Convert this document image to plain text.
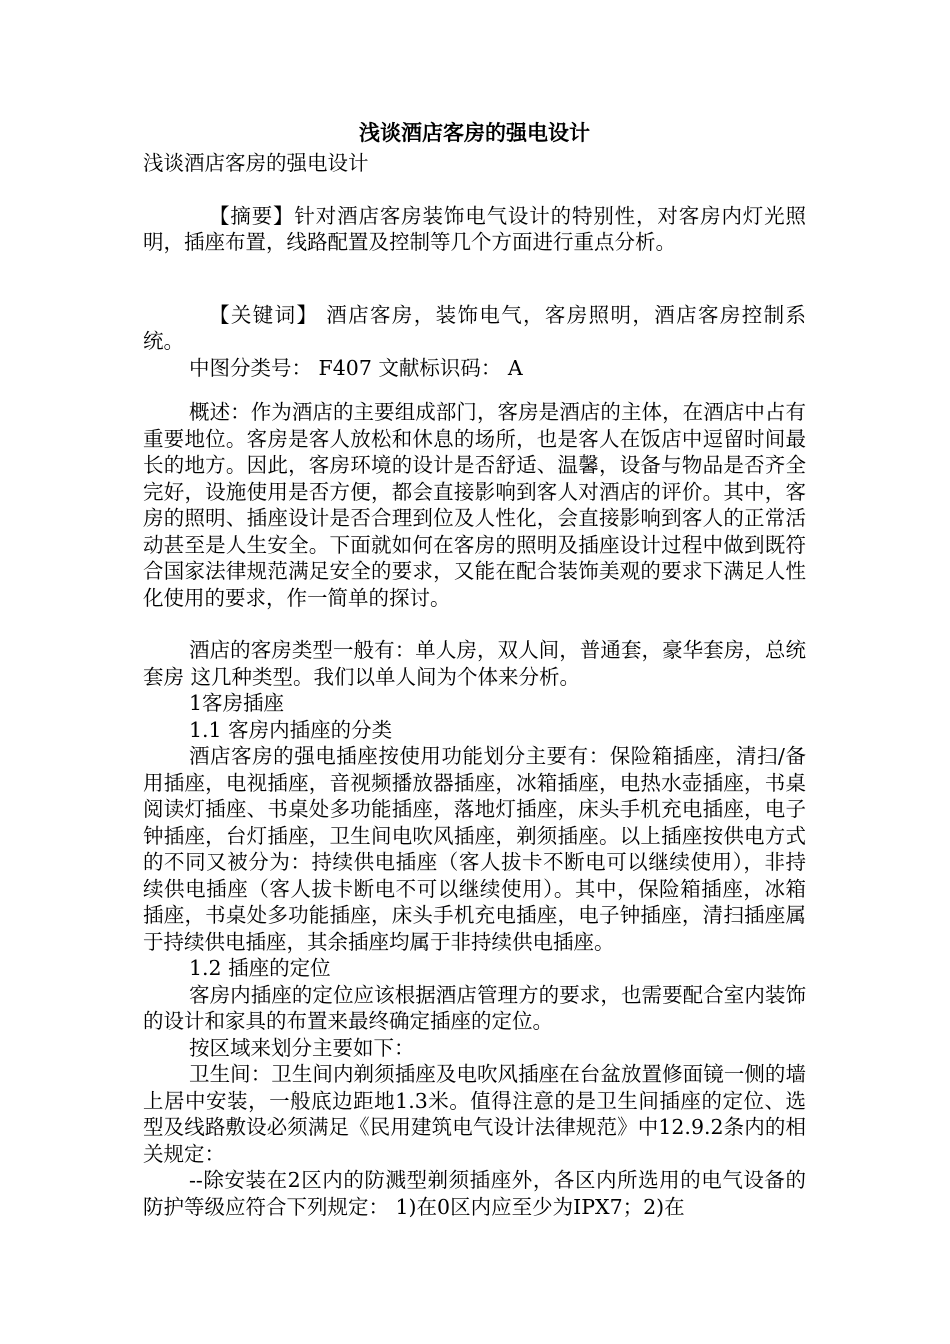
浅谈酒店客房的强电设计

浅谈酒店客房的强电设计

【摘要】针对酒店客房装饰电气设计的特别性，对客房内灯光照明，插座布置，线路配置及控制等几个方面进行重点分析。

【关键词】 酒店客房，装饰电气，客房照明，酒店客房控制系统。

中图分类号： F407 文献标识码： A

概述：作为酒店的主要组成部门，客房是酒店的主体，在酒店中占有重要地位。客房是客人放松和休息的场所，也是客人在饭店中逗留时间最长的地方。因此，客房环境的设计是否舒适、温馨，设备与物品是否齐全完好，设施使用是否方便，都会直接影响到客人对酒店的评价。其中，客房的照明、插座设计是否合理到位及人性化，会直接影响到客人的正常活动甚至是人生安全。下面就如何在客房的照明及插座设计过程中做到既符合国家法律规范满足安全的要求，又能在配合装饰美观的要求下满足人性化使用的要求，作一简单的探讨。

酒店的客房类型一般有：单人房，双人间，普通套，豪华套房，总统套房 这几种类型。我们以单人间为个体来分析。

1客房插座

1.1 客房内插座的分类

酒店客房的强电插座按使用功能划分主要有：保险箱插座，清扫/备用插座，电视插座，音视频播放器插座，冰箱插座，电热水壶插座，书桌阅读灯插座、书桌处多功能插座，落地灯插座，床头手机充电插座，电子钟插座，台灯插座，卫生间电吹风插座，剃须插座。以上插座按供电方式的不同又被分为：持续供电插座（客人拔卡不断电可以继续使用），非持续供电插座（客人拔卡断电不可以继续使用）。其中，保险箱插座，冰箱插座，书桌处多功能插座，床头手机充电插座，电子钟插座，清扫插座属于持续供电插座，其余插座均属于非持续供电插座。

1.2 插座的定位

客房内插座的定位应该根据酒店管理方的要求，也需要配合室内装饰的设计和家具的布置来最终确定插座的定位。

按区域来划分主要如下：

卫生间：卫生间内剃须插座及电吹风插座在台盆放置修面镜一侧的墙上居中安装，一般底边距地1.3米。值得注意的是卫生间插座的定位、选型及线路敷设必须满足《民用建筑电气设计法律规范》中12.9.2条内的相关规定：

--除安装在2区内的防溅型剃须插座外，各区内所选用的电气设备的防护等级应符合下列规定： 1)在0区内应至少为IPX7；2)在
